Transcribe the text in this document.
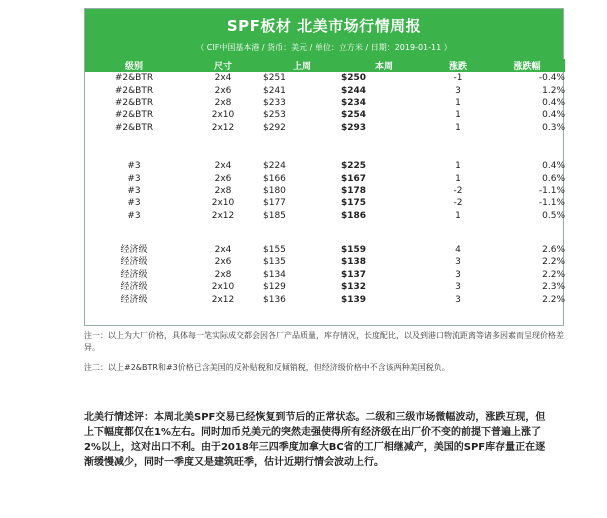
SPF板材 北美市场行情周报
（ CIF中国基本港 / 货币：美元 / 单位：立方米 / 日期：2019-01-11 ）
级别	尺寸	上周	本周	涨跌	涨跌幅
#2&BTR	2x4	$251	$250	-1	-0.4%
#2&BTR	2x6	$241	$244	3	1.2%
#2&BTR	2x8	$233	$234	1	0.4%
#2&BTR	2x10	$253	$254	1	0.4%
#2&BTR	2x12	$292	$293	1	0.3%

#3	2x4	$224	$225	1	0.4%
#3	2x6	$166	$167	1	0.6%
#3	2x8	$180	$178	-2	-1.1%
#3	2x10	$177	$175	-2	-1.1%
#3	2x12	$185	$186	1	0.5%

经济级	2x4	$155	$159	4	2.6%
经济级	2x6	$135	$138	3	2.2%
经济级	2x8	$134	$137	3	2.2%
经济级	2x10	$129	$132	3	2.3%
经济级	2x12	$136	$139	3	2.2%
注一：以上为大厂价格，具体每一笔实际成交都会因各厂产品质量，库存情况，长度配比，以及到港口物流距离等诸多因素而呈现价格差异。
注二：以上#2&BTR和#3价格已含美国的反补贴税和反倾销税，但经济级价格中不含该两种美国税负。
北美行情述评：本周北美SPF交易已经恢复到节后的正常状态。二级和三级市场微幅波动，涨跌互现，但上下幅度都仅在1%左右。同时加币兑美元的突然走强使得所有经济级在出厂价不变的前提下普遍上涨了2%以上，这对出口不利。由于2018年三四季度加拿大BC省的工厂相继减产，美国的SPF库存量正在逐渐缓慢减少，同时一季度又是建筑旺季，估计近期行情会波动上行。
